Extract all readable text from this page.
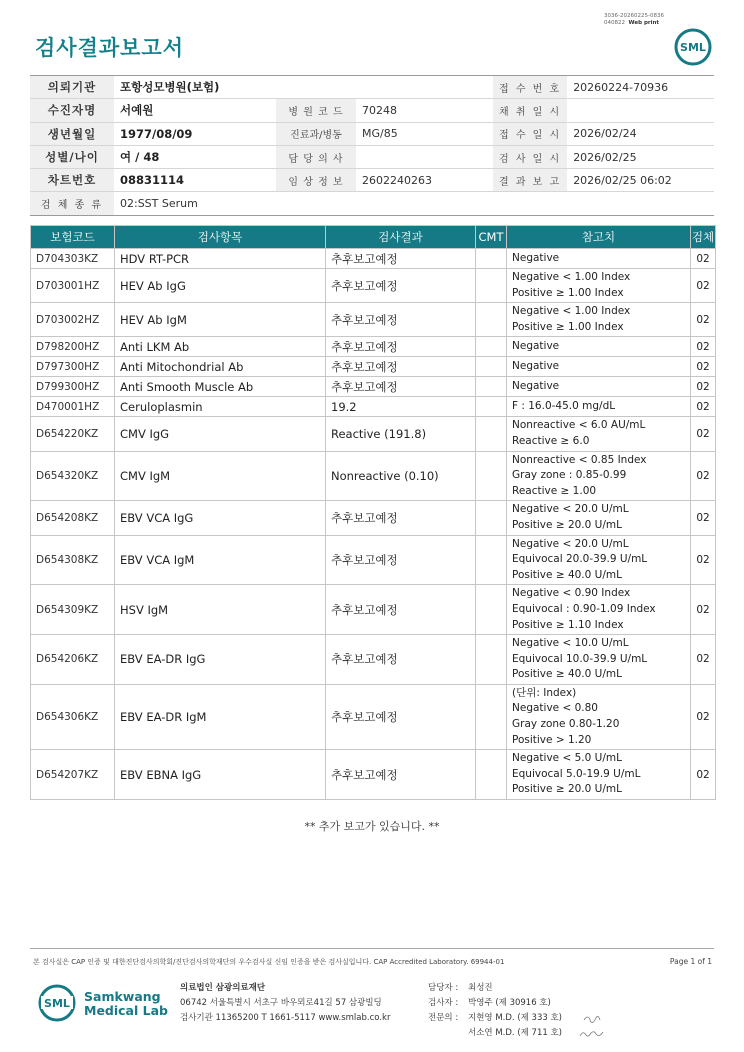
3036-20260225-0836
040822 Web print
검사결과보고서	SML
의뢰기관	포항성모병원(보험)			접 수 번 호	20260224-70936
수진자명	서예원	병 원 코 드	70248	채 취 일 시	
생년월일	1977/08/09	진료과/병동	MG/85	접 수 일 시	2026/02/24
성별/나이	여 / 48	담 당 의 사		검 사 일 시	2026/02/25
차트번호	08831114	임 상 정 보	2602240263	결 과 보 고	2026/02/25 06:02
검 체 종 류	02:SST Serum				
보험코드	검사항목	검사결과	CMT	참고치	검체
D704303KZ	HDV RT-PCR	추후보고예정		Negative	02
D703001HZ	HEV Ab IgG	추후보고예정		Negative < 1.00 Index
Positive ≥ 1.00 Index	02
D703002HZ	HEV Ab IgM	추후보고예정		Negative < 1.00 Index
Positive ≥ 1.00 Index	02
D798200HZ	Anti LKM Ab	추후보고예정		Negative	02
D797300HZ	Anti Mitochondrial Ab	추후보고예정		Negative	02
D799300HZ	Anti Smooth Muscle Ab	추후보고예정		Negative	02
D470001HZ	Ceruloplasmin	19.2		F : 16.0-45.0 mg/dL	02
D654220KZ	CMV IgG	Reactive (191.8)		Nonreactive < 6.0 AU/mL
Reactive ≥ 6.0	02
D654320KZ	CMV IgM	Nonreactive (0.10)		Nonreactive < 0.85 Index
Gray zone : 0.85-0.99
Reactive ≥ 1.00	02
D654208KZ	EBV VCA IgG	추후보고예정		Negative < 20.0 U/mL
Positive ≥ 20.0 U/mL	02
D654308KZ	EBV VCA IgM	추후보고예정		Negative < 20.0 U/mL
Equivocal 20.0-39.9 U/mL
Positive ≥ 40.0 U/mL	02
D654309KZ	HSV IgM	추후보고예정		Negative < 0.90 Index
Equivocal : 0.90-1.09 Index
Positive ≥ 1.10 Index	02
D654206KZ	EBV EA-DR IgG	추후보고예정		Negative < 10.0 U/mL
Equivocal 10.0-39.9 U/mL
Positive ≥ 40.0 U/mL	02
D654306KZ	EBV EA-DR IgM	추후보고예정		(단위: Index)
Negative < 0.80
Gray zone 0.80-1.20
Positive > 1.20	02
D654207KZ	EBV EBNA IgG	추후보고예정		Negative < 5.0 U/mL
Equivocal 5.0-19.9 U/mL
Positive ≥ 20.0 U/mL	02
** 추가 보고가 있습니다. **
본 검사실은 CAP 인증 및 대한진단검사의학회/진단검사의학재단의 우수검사실 신임 인증을 받은 검사실입니다. CAP Accredited Laboratory. 69944-01	Page 1 of 1
SML Samkwang
Medical Lab
의료법인 삼광의료재단
06742 서울특별시 서초구 바우뫼로41길 57 삼광빌딩
검사기관 11365200 T 1661-5117 www.smlab.co.kr
담당자 :	최성진
검사자 :	박영주 (제 30916 호)
전문의 :	지현영 M.D. (제 333 호)
서소연 M.D. (제 711 호)
